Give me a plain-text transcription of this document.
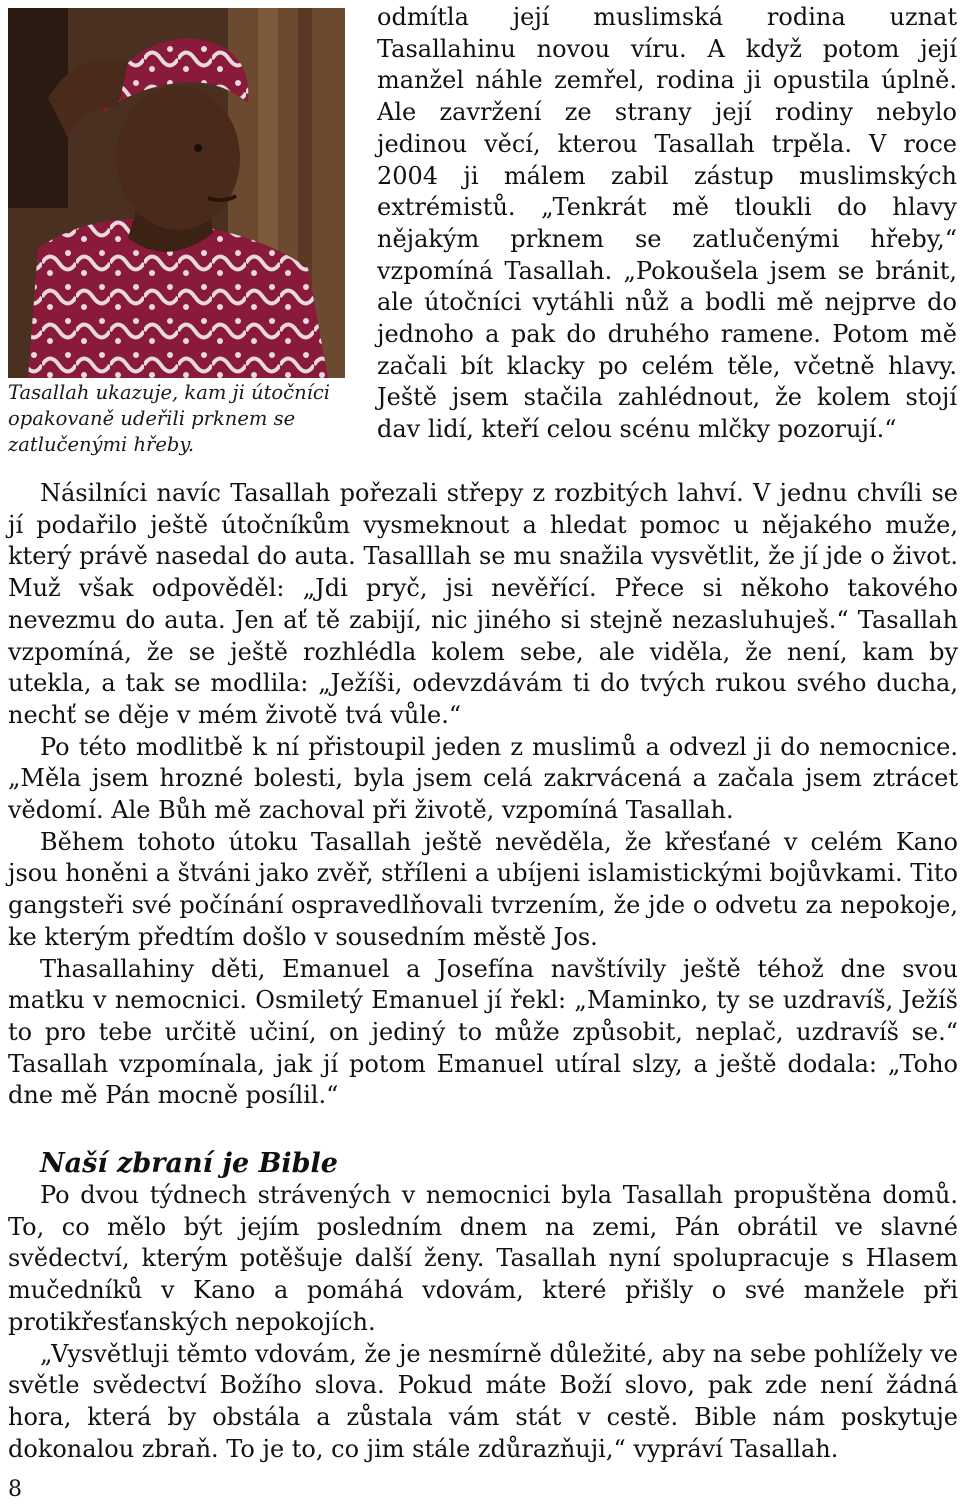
Tasallah ukazuje, kam ji útočníci opakovaně udeřili prknem se zatlučenými hřeby.

odmítla její muslimská rodina uznat Tasallahinu novou víru. A když potom její manžel náhle zemřel, rodina ji opustila úplně. Ale zavržení ze strany její rodiny nebylo jedinou věcí, kterou Tasallah trpěla. V roce 2004 ji málem zabil zástup muslimských extrémistů. „Tenkrát mě tloukli do hlavy nějakým prknem se zatlučenými hřeby,“ vzpomíná Tasallah. „Pokoušela jsem se bránit, ale útočníci vytáhli nůž a bodli mě nejprve do jednoho a pak do druhého ramene. Potom mě začali bít klacky po celém těle, včetně hlavy. Ještě jsem stačila zahlédnout, že kolem stojí dav lidí, kteří celou scénu mlčky pozorují.“

Násilníci navíc Tasallah pořezali střepy z rozbitých lahví. V jednu chvíli se jí podařilo ještě útočníkům vysmeknout a hledat pomoc u nějakého muže, který právě nasedal do auta. Tasalllah se mu snažila vysvětlit, že jí jde o život. Muž však odpověděl: „Jdi pryč, jsi nevěřící. Přece si někoho takového nevezmu do auta. Jen ať tě zabijí, nic jiného si stejně nezasluhuješ.“ Tasallah vzpomíná, že se ještě rozhlédla kolem sebe, ale viděla, že není, kam by utekla, a tak se modlila: „Ježíši, odevzdávám ti do tvých rukou svého ducha, nechť se děje v mém životě tvá vůle.“

Po této modlitbě k ní přistoupil jeden z muslimů a odvezl ji do nemocnice. „Měla jsem hrozné bolesti, byla jsem celá zakrvácená a začala jsem ztrácet vědomí. Ale Bůh mě zachoval při životě, vzpomíná Tasallah.

Během tohoto útoku Tasallah ještě nevěděla, že křesťané v celém Kano jsou honěni a štváni jako zvěř, stříleni a ubíjeni islamistickými bojůvkami. Tito gangsteři své počínání ospravedlňovali tvrzením, že jde o odvetu za nepokoje, ke kterým předtím došlo v sousedním městě Jos.

Thasallahiny děti, Emanuel a Josefína navštívily ještě téhož dne svou matku v nemocnici. Osmiletý Emanuel jí řekl: „Maminko, ty se uzdravíš, Ježíš to pro tebe určitě učiní, on jediný to může způsobit, neplač, uzdravíš se.“ Tasallah vzpomínala, jak jí potom Emanuel utíral slzy, a ještě dodala: „Toho dne mě Pán mocně posílil.“

Naší zbraní je Bible

Po dvou týdnech strávených v nemocnici byla Tasallah propuštěna domů. To, co mělo být jejím posledním dnem na zemi, Pán obrátil ve slavné svědectví, kterým potěšuje další ženy. Tasallah nyní spolupracuje s Hlasem mučedníků v Kano a pomáhá vdovám, které přišly o své manžele při protikřesťanských nepokojích.

„Vysvětluji těmto vdovám, že je nesmírně důležité, aby na sebe pohlížely ve světle svědectví Božího slova. Pokud máte Boží slovo, pak zde není žádná hora, která by obstála a zůstala vám stát v cestě. Bible nám poskytuje dokonalou zbraň. To je to, co jim stále zdůrazňuji,“ vypráví Tasallah.

8
